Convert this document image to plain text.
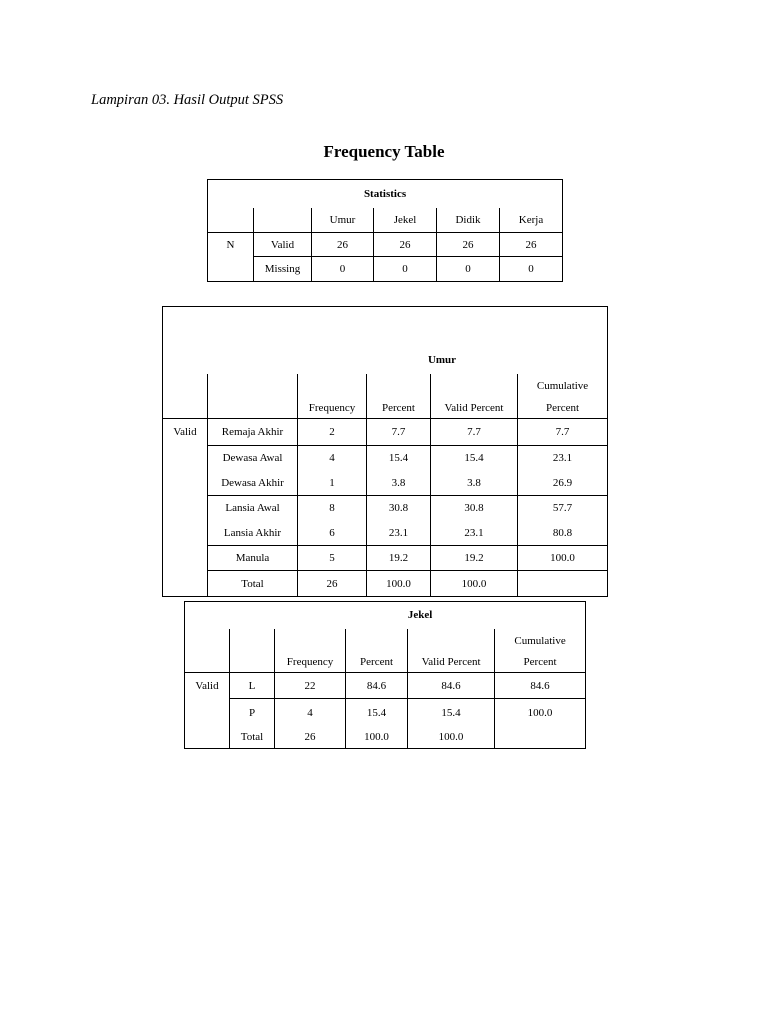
Lampiran 03. Hasil Output SPSS
Frequency Table
Statistics					
		Umur	Jekel	Didik	Kerja
N	Valid	26	26	26	26
	Missing	0	0	0	0

			Umur		
					Cumulative
		Frequency	Percent	Valid Percent	Percent
Valid	Remaja Akhir	2	7.7	7.7	7.7
	Dewasa Awal	4	15.4	15.4	23.1
	Dewasa Akhir	1	3.8	3.8	26.9
	Lansia Awal	8	30.8	30.8	57.7
	Lansia Akhir	6	23.1	23.1	80.8
	Manula	5	19.2	19.2	100.0
	Total	26	100.0	100.0	
			Jekel		
					Cumulative
		Frequency	Percent	Valid Percent	Percent
Valid	L	22	84.6	84.6	84.6
	P	4	15.4	15.4	100.0
	Total	26	100.0	100.0	
